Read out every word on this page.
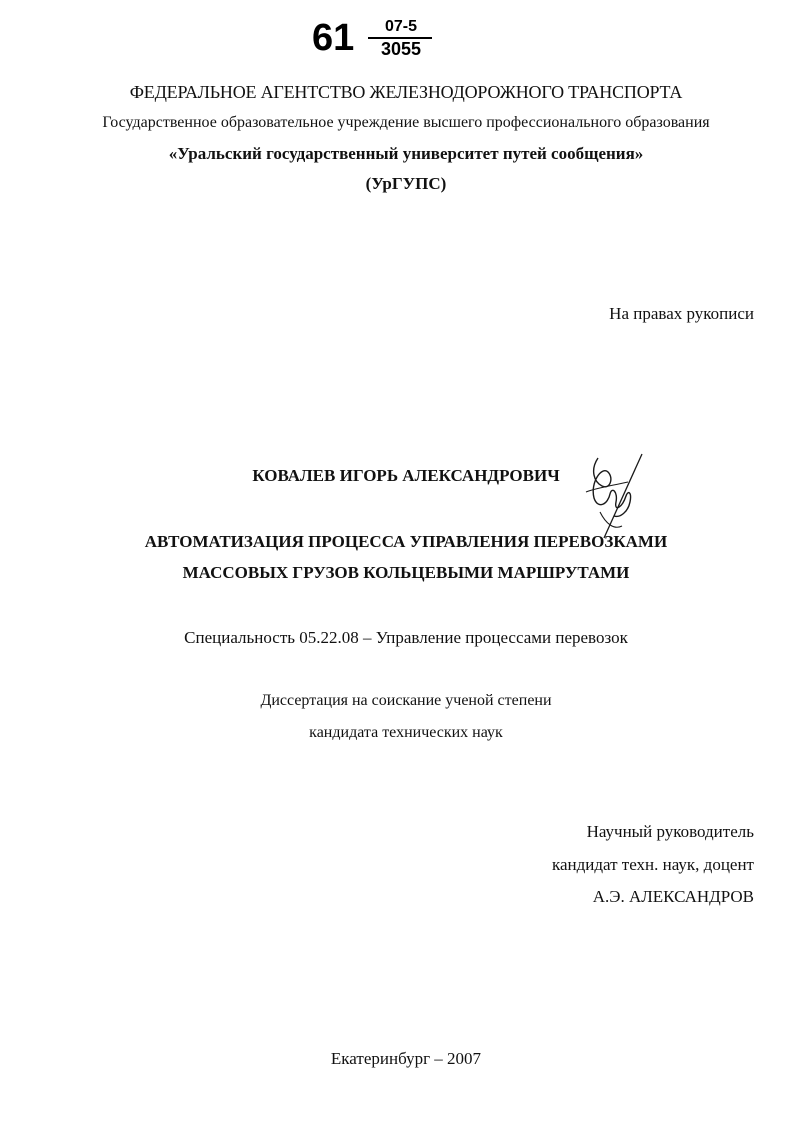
61	07-5
3055
ФЕДЕРАЛЬНОЕ АГЕНТСТВО ЖЕЛЕЗНОДОРОЖНОГО ТРАНСПОРТА
Государственное образовательное учреждение высшего профессионального образования
«Уральский государственный университет путей сообщения»
(УрГУПС)
На правах рукописи
КОВАЛЕВ ИГОРЬ АЛЕКСАНДРОВИЧ
АВТОМАТИЗАЦИЯ ПРОЦЕССА УПРАВЛЕНИЯ ПЕРЕВОЗКАМИ
МАССОВЫХ ГРУЗОВ КОЛЬЦЕВЫМИ МАРШРУТАМИ
Специальность 05.22.08 – Управление процессами перевозок
Диссертация на соискание ученой степени
кандидата технических наук
Научный руководитель
кандидат техн. наук, доцент
А.Э. АЛЕКСАНДРОВ
Екатеринбург – 2007
